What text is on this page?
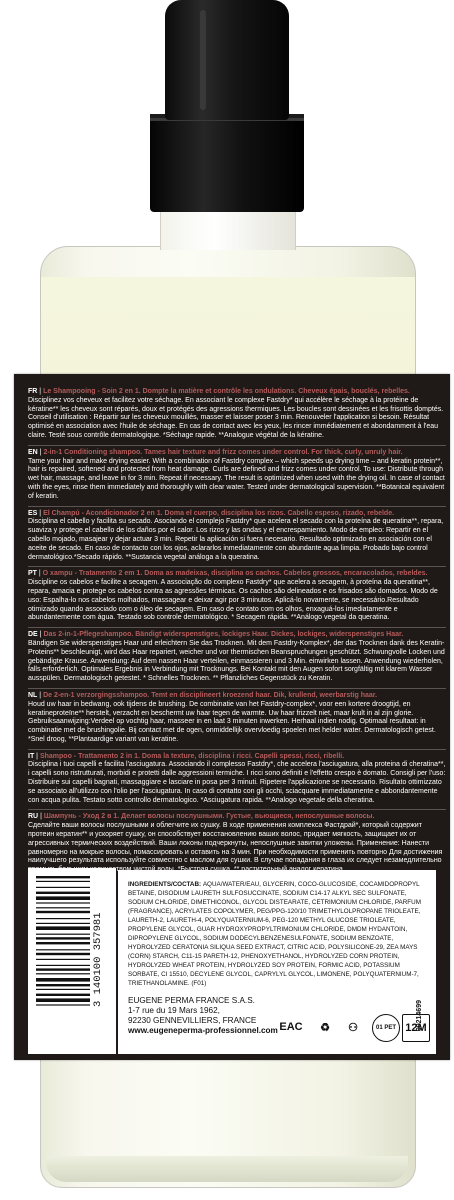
FR | Le Shampooing - Soin 2 en 1. Dompte la matière et contrôle les ondulations. Cheveux épais, bouclés, rebelles.
Disciplinez vos cheveux et facilitez votre séchage. En associant le complexe Fastdry* qui accélère le séchage à la protéine de kératine** les cheveux sont réparés, doux et protégés des agressions thermiques. Les boucles sont dessinées et les frisottis domptés. Conseil d'utilisation : Répartir sur les cheveux mouillés, masser et laisser poser 3 min. Renouveler l'application si besoin. Résultat optimisé en association avec l'huile de séchage. En cas de contact avec les yeux, les rincer immédiatement et abondamment à l'eau claire. Testé sous contrôle dermatologique. *Séchage rapide. **Analogue végétal de la kératine.
EN | 2-in-1 Conditioning shampoo. Tames hair texture and frizz comes under control. For thick, curly, unruly hair.
Tame your hair and make drying easier. With a combination of Fastdry complex – which speeds up drying time – and keratin protein**, hair is repaired, softened and protected from heat damage. Curls are defined and frizz comes under control. To use: Distribute through wet hair, massage, and leave in for 3 min. Repeat if necessary. The result is optimized when used with the drying oil. In case of contact with the eyes, rinse them immediately and thoroughly with clear water. Tested under dermatological supervision. **Botanical equivalent of keratin.
ES | El Champú - Acondicionador 2 en 1. Doma el cuerpo, disciplina los rizos. Cabello espeso, rizado, rebelde.
Disciplina el cabello y facilita su secado. Asociando el complejo Fastdry* que acelera el secado con la proteína de queratina**, repara, suaviza y protege el cabello de los daños por el calor. Los rizos y las ondas y el encrespamiento. Modo de empleo: Repartir en el cabello mojado, masajear y dejar actuar 3 min. Repetir la aplicación si fuera necesario. Resultado optimizado en asociación con el aceite de secado. En caso de contacto con los ojos, aclararlos inmediatamente con abundante agua limpia. Probado bajo control dermatológico.*Secado rápido. **Sustancia vegetal análoga a la queratina.
PT | O xampu - Tratamento 2 em 1. Doma as madeixas, disciplina os cachos. Cabelos grossos, encaracolados, rebeldes.
Discipline os cabelos e facilite a secagem. A associação do complexo Fastdry* que acelera a secagem, à proteína da queratina**, repara, amacia e protege os cabelos contra as agressões térmicas. Os cachos são delineados e os frisados são domados. Modo de uso: Espalha-lo nos cabelos molhados, massagear e deixar agir por 3 minutos. Aplicá-lo novamente, se necessário.Resultado otimizado quando associado com o óleo de secagem. Em caso de contato com os olhos, enxaguá-los imediatamente e abundantemente com água. Testado sob controle dermatológico. * Secagem rápida. **Análogo vegetal da queratina.
DE | Das 2-in-1-Pflegeshampoo. Bändigt widerspenstiges, lockiges Haar. Dickes, lockiges, widerspenstiges Haar.
Bändigen Sie widerspenstiges Haar und erleichtern Sie das Trocknen. Mit dem Fastdry-Komplex*, der das Trocknen dank des Keratin-Proteins** beschleunigt, wird das Haar repariert, weicher und vor thermischen Beanspruchungen geschützt. Schwungvolle Locken und gebändigte Krause. Anwendung: Auf dem nassen Haar verteilen, einmassieren und 3 Min. einwirken lassen. Anwendung wiederholen, falls erforderlich. Optimales Ergebnis in Verbindung mit Trocknungs. Bei Kontakt mit den Augen sofort sorgfältig mit klarem Wasser ausspülen. Dermatologisch getestet. * Schnelles Trocknen. ** Pflanzliches Gegenstück zu Keratin.
NL | De 2-en-1 verzorgingsshampoo. Temt en disciplineert kroezend haar. Dik, krullend, weerbarstig haar.
Houd uw haar in bedwang, ook tijdens de brushing. De combinatie van het Fastdry-complex*, voor een kortere droogtijd, en keratineproteïne** herstelt, verzacht en beschermt uw haar tegen de warmte. Uw haar frizzelt niet, maar krult in al zijn glorie. Gebruiksaanwijzing:Verdeel op vochtig haar, masseer in en laat 3 minuten inwerken. Herhaal indien nodig. Optimaal resultaat: in combinatie met de brushingolie. Bij contact met de ogen, onmiddellijk overvloedig spoelen met helder water. Dermatologisch getest. *Snel droog, **Plantaardige variant van keratine.
IT | Shampoo - Trattamento 2 in 1. Doma la texture, disciplina i ricci. Capelli spessi, ricci, ribelli.
Disciplina i tuoi capelli e facilita l'asciugatura. Associando il complesso Fastdry*, che accelera l'asciugatura, alla proteina di cheratina**, i capelli sono ristrutturati, morbidi e protetti dalle aggressioni termiche. I ricci sono definiti e l'effetto crespo è domato. Consigli per l'uso: Distribuire sui capelli bagnati, massaggiare e lasciare in posa per 3 minuti. Ripetere l'applicazione se necessario. Risultato ottimizzato se associato all'utilizzo con l'olio per l'asciugatura. In caso di contatto con gli occhi, sciacquare immediatamente e abbondantemente con acqua pulita. Testato sotto controllo dermatologico. *Asciugatura rapida. **Analogo vegetale della cheratina.
RU | Шампунь - Уход 2 в 1. Делает волосы послушными. Густые, вьющиеся, непослушные волосы.
Сделайте ваши волосы послушными и облегчите их сушку. В ходе применения комплекса Фастдрай*, который содержит протеин кератин** и ускоряет сушку, он способствует восстановлению ваших волос, придает мягкость, защищает их от агрессивных термических воздействий. Ваши локоны подчеркнуты, непослушные завитки уложены. Применение: Нанести равномерно на мокрые волосы, помассировать и оставить на 3 мин. При необходимости применить повторно Для достижения наилучшего результата используйте совместно с маслом для сушки. В случае попадания в глаза их следует незамедлительно
3 140100 357981
INGREDIENTS/СОСТАВ: AQUA/WATER/EAU, GLYCERIN, COCO-GLUCOSIDE, COCAMIDOPROPYL BETAINE, DISODIUM LAURETH SULFOSUCCINATE, SODIUM C14-17 ALKYL SEC SULFONATE, SODIUM CHLORIDE, DIMETHICONOL, GLYCOL DISTEARATE, CETRIMONIUM CHLORIDE, PARFUM (FRAGRANCE), ACRYLATES COPOLYMER, PEG/PPG-120/10 TRIMETHYLOLPROPANE TRIOLEATE, LAURETH-2, LAURETH-4, POLYQUATERNIUM-6, PEG-120 METHYL GLUCOSE TRIOLEATE, PROPYLENE GLYCOL, GUAR HYDROXYPROPYLTRIMONIUM CHLORIDE, DMDM HYDANTOIN, DIPROPYLENE GLYCOL, SODIUM DODECYLBENZENESULFONATE, SODIUM BENZOATE, HYDROLYZED CERATONIA SILIQUA SEED EXTRACT, CITRIC ACID, POLYSILICONE-29, ZEA MAYS (CORN) STARCH, C11-15 PARETH-12, PHENOXYETHANOL, HYDROLYZED CORN PROTEIN, HYDROLYZED WHEAT PROTEIN, HYDROLYZED SOY PROTEIN, FORMIC ACID, POTASSIUM SORBATE, CI 15510, DECYLENE GLYCOL, CAPRYLYL GLYCOL, LIMONENE, POLYQUATERNIUM-7, TRIETHANOLAMINE. (F01)
EUGENE PERMA FRANCE S.A.S.
1-7 rue du 19 Mars 1962,
92230 GENNEVILLIERS, FRANCE
www.eugeneperma-professionnel.com EAC	♻	⚇	01 PET 12M
00214699
